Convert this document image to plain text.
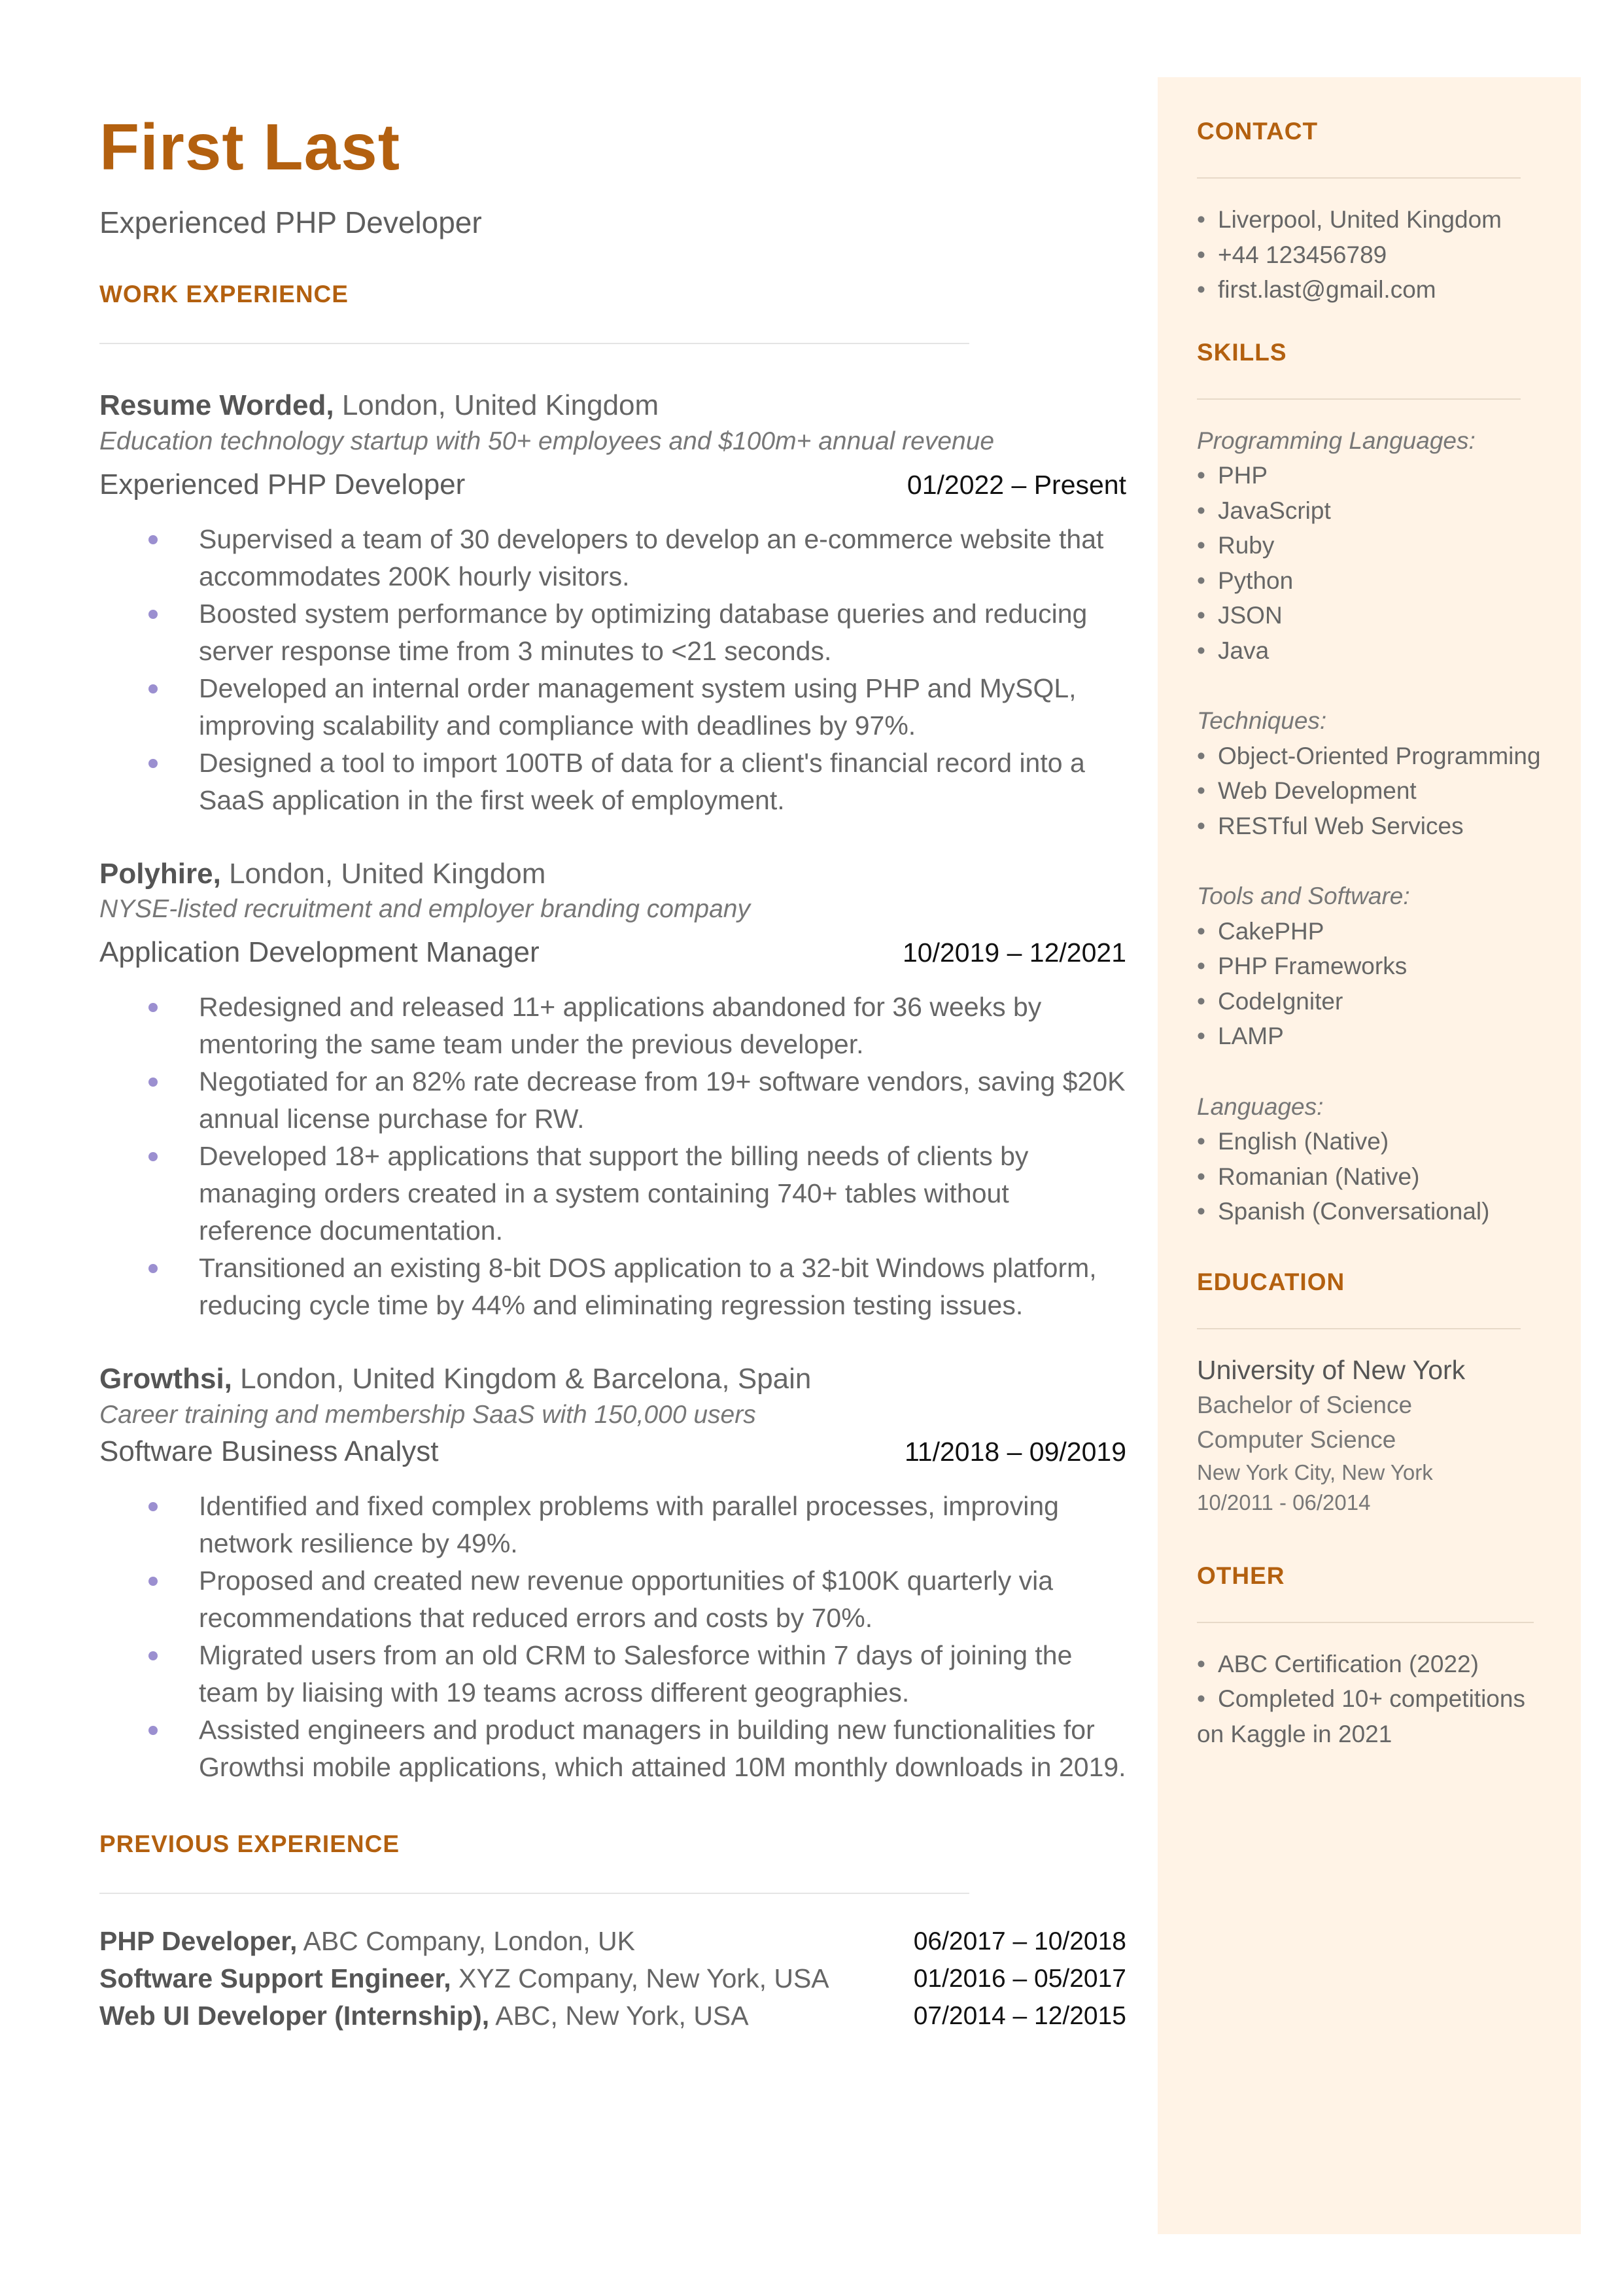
First Last
Experienced PHP Developer
WORK EXPERIENCE
Resume Worded, London, United Kingdom
Education technology startup with 50+ employees and $100m+ annual revenue
Experienced PHP Developer	01/2022 – Present
Supervised a team of 30 developers to develop an e-commerce website that accommodates 200K hourly visitors.
Boosted system performance by optimizing database queries and reducing server response time from 3 minutes to <21 seconds.
Developed an internal order management system using PHP and MySQL, improving scalability and compliance with deadlines by 97%.
Designed a tool to import 100TB of data for a client's financial record into a SaaS application in the first week of employment.
Polyhire, London, United Kingdom
NYSE-listed recruitment and employer branding company
Application Development Manager	10/2019 – 12/2021
Redesigned and released 11+ applications abandoned for 36 weeks by mentoring the same team under the previous developer.
Negotiated for an 82% rate decrease from 19+ software vendors, saving $20K annual license purchase for RW.
Developed 18+ applications that support the billing needs of clients by managing orders created in a system containing 740+ tables without reference documentation.
Transitioned an existing 8-bit DOS application to a 32-bit Windows platform, reducing cycle time by 44% and eliminating regression testing issues.
Growthsi, London, United Kingdom & Barcelona, Spain
Career training and membership SaaS with 150,000 users
Software Business Analyst	11/2018 – 09/2019
Identified and fixed complex problems with parallel processes, improving network resilience by 49%.
Proposed and created new revenue opportunities of $100K quarterly via recommendations that reduced errors and costs by 70%.
Migrated users from an old CRM to Salesforce within 7 days of joining the team by liaising with 19 teams across different geographies.
Assisted engineers and product managers in building new functionalities for Growthsi mobile applications, which attained 10M monthly downloads in 2019.
PREVIOUS EXPERIENCE
PHP Developer, ABC Company, London, UK	06/2017 – 10/2018
Software Support Engineer, XYZ Company, New York, USA	01/2016 – 05/2017
Web UI Developer (Internship), ABC, New York, USA	07/2014 – 12/2015
CONTACT
• Liverpool, United Kingdom
• +44 123456789
• first.last@gmail.com
SKILLS
Programming Languages:
• PHP
• JavaScript
• Ruby
• Python
• JSON
• Java
Techniques:
• Object-Oriented Programming
• Web Development
• RESTful Web Services
Tools and Software:
• CakePHP
• PHP Frameworks
• CodeIgniter
• LAMP
Languages:
• English (Native)
• Romanian (Native)
• Spanish (Conversational)
EDUCATION
University of New York
Bachelor of Science
Computer Science
New York City, New York
10/2011 - 06/2014
OTHER
• ABC Certification (2022)
• Completed 10+ competitions
on Kaggle in 2021
